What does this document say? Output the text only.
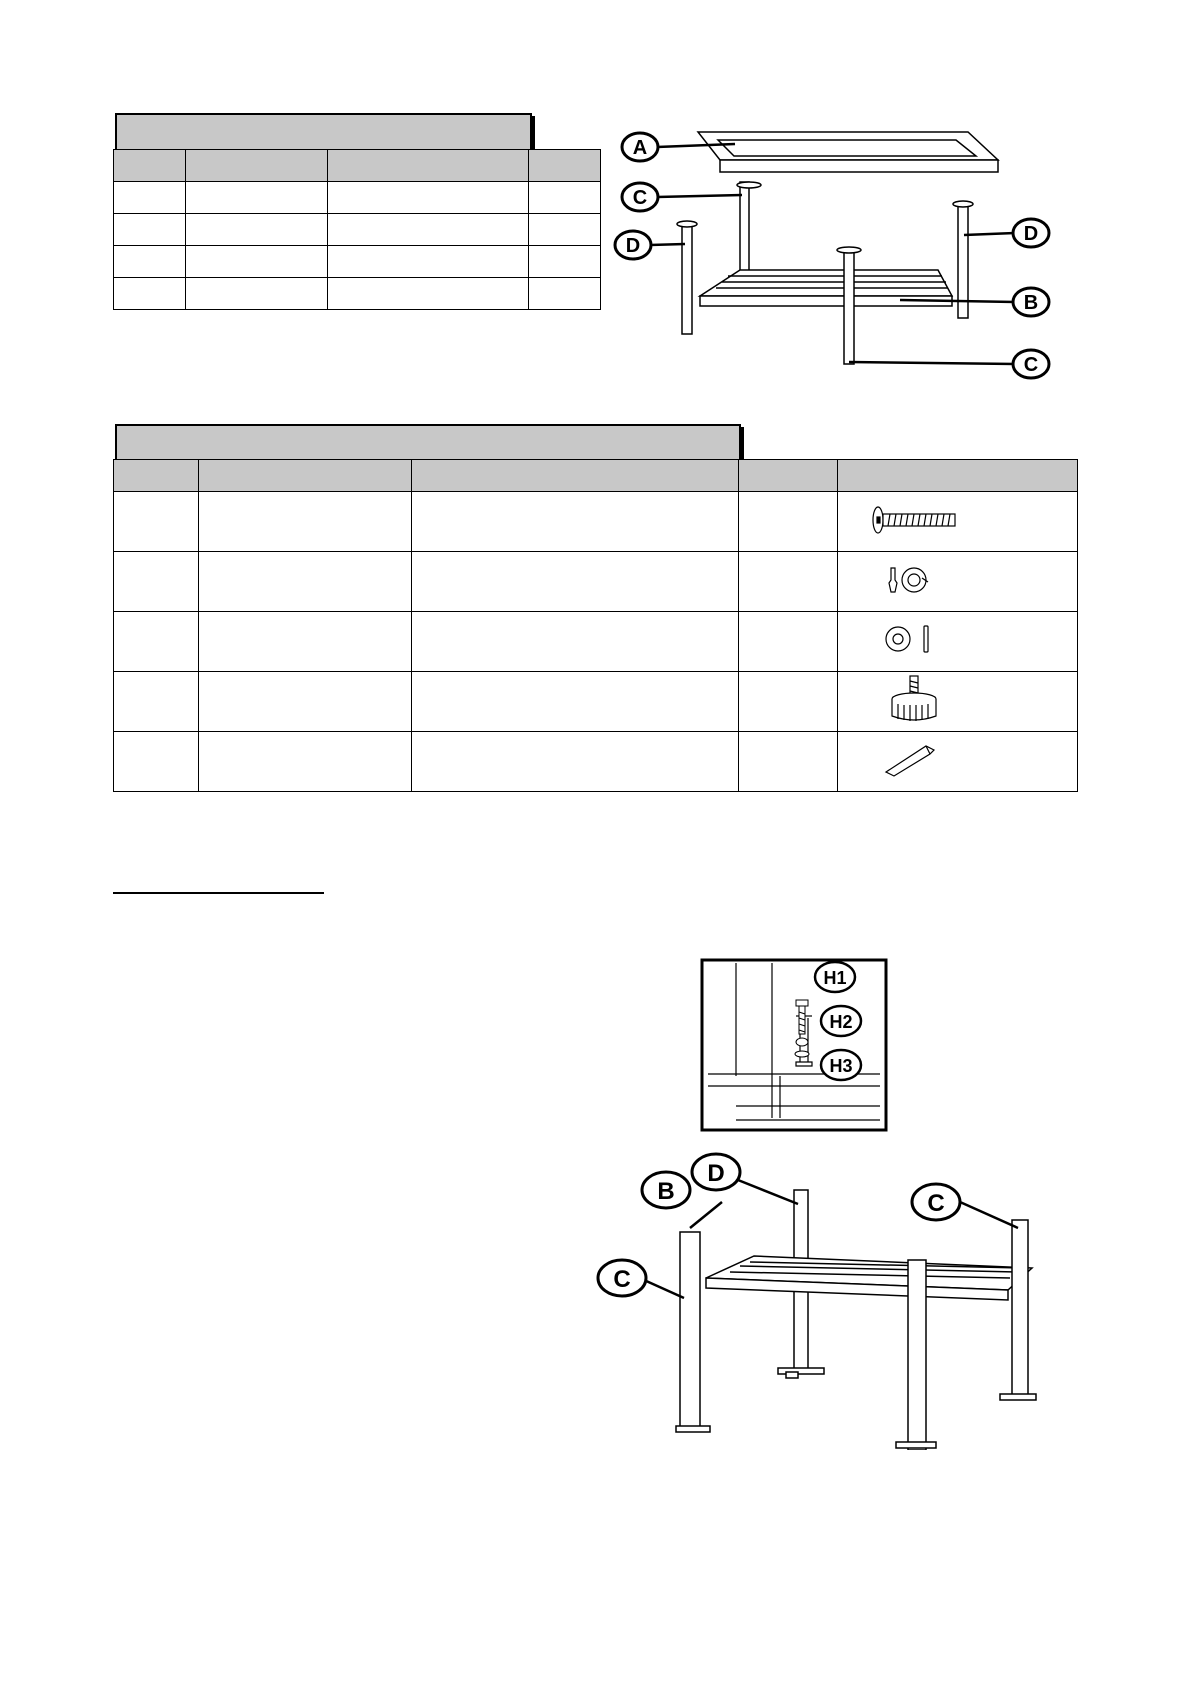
A
C
D
D
B
C

H1
H2
H3
B
D
C
C
